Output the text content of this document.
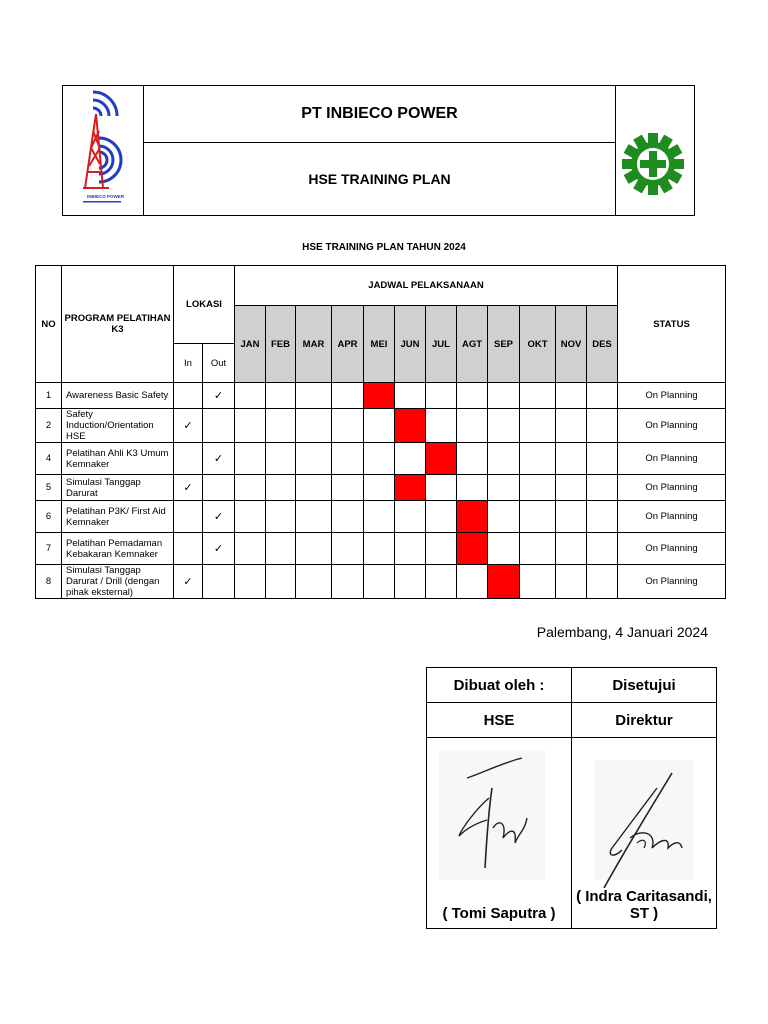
INBIECO POWER
PT INBIECO POWER
HSE TRAINING PLAN
HSE TRAINING PLAN TAHUN 2024
NO	PROGRAM PELATIHAN K3	LOKASI		JADWAL PELAKSANAAN												STATUS
				JAN	FEB	MAR	APR	MEI	JUN	JUL	AGT	SEP	OKT	NOV	DES	
		In	Out													
1	Awareness Basic Safety		✓													On Planning
2	Safety Induction/Orientation HSE	✓														On Planning
4	Pelatihan Ahli K3 Umum Kemnaker		✓													On Planning
5	Simulasi Tanggap Darurat	✓														On Planning
6	Pelatihan P3K/ First Aid Kemnaker		✓													On Planning
7	Pelatihan Pemadaman Kebakaran Kemnaker		✓													On Planning
8	Simulasi Tanggap Darurat / Drill (dengan pihak eksternal)	✓														On Planning
Palembang, 4 Januari 2024
Dibuat oleh :	Disetujui
HSE	Direktur

( Tomi Saputra )	( Indra Caritasandi, ST )
